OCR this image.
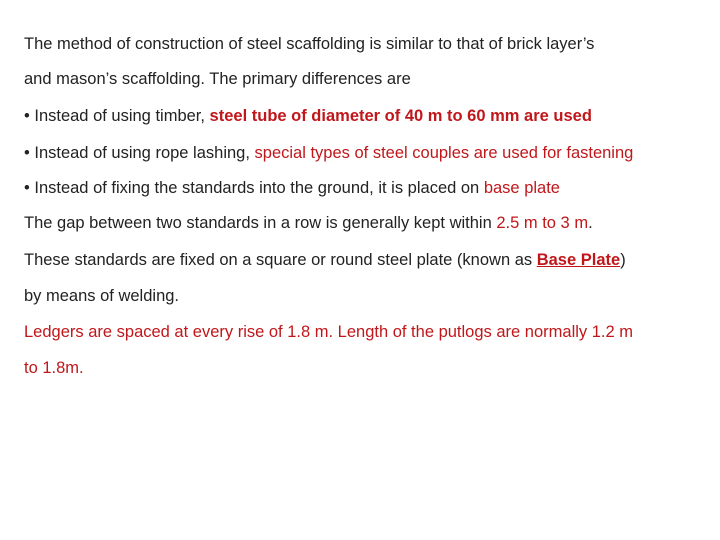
The method of construction of steel scaffolding is similar to that of brick layer’s
and mason’s scaffolding. The primary differences are
• Instead of using timber, steel tube of diameter of 40 m to 60 mm are used
• Instead of using rope lashing, special types of steel couples are used for fastening
• Instead of fixing the standards into the ground, it is placed on base plate
The gap between two standards in a row is generally kept within 2.5 m to 3 m.
These standards are fixed on a square or round steel plate (known as Base Plate)
by means of welding.
Ledgers are spaced at every rise of 1.8 m. Length of the putlogs are normally 1.2 m
to 1.8m.
